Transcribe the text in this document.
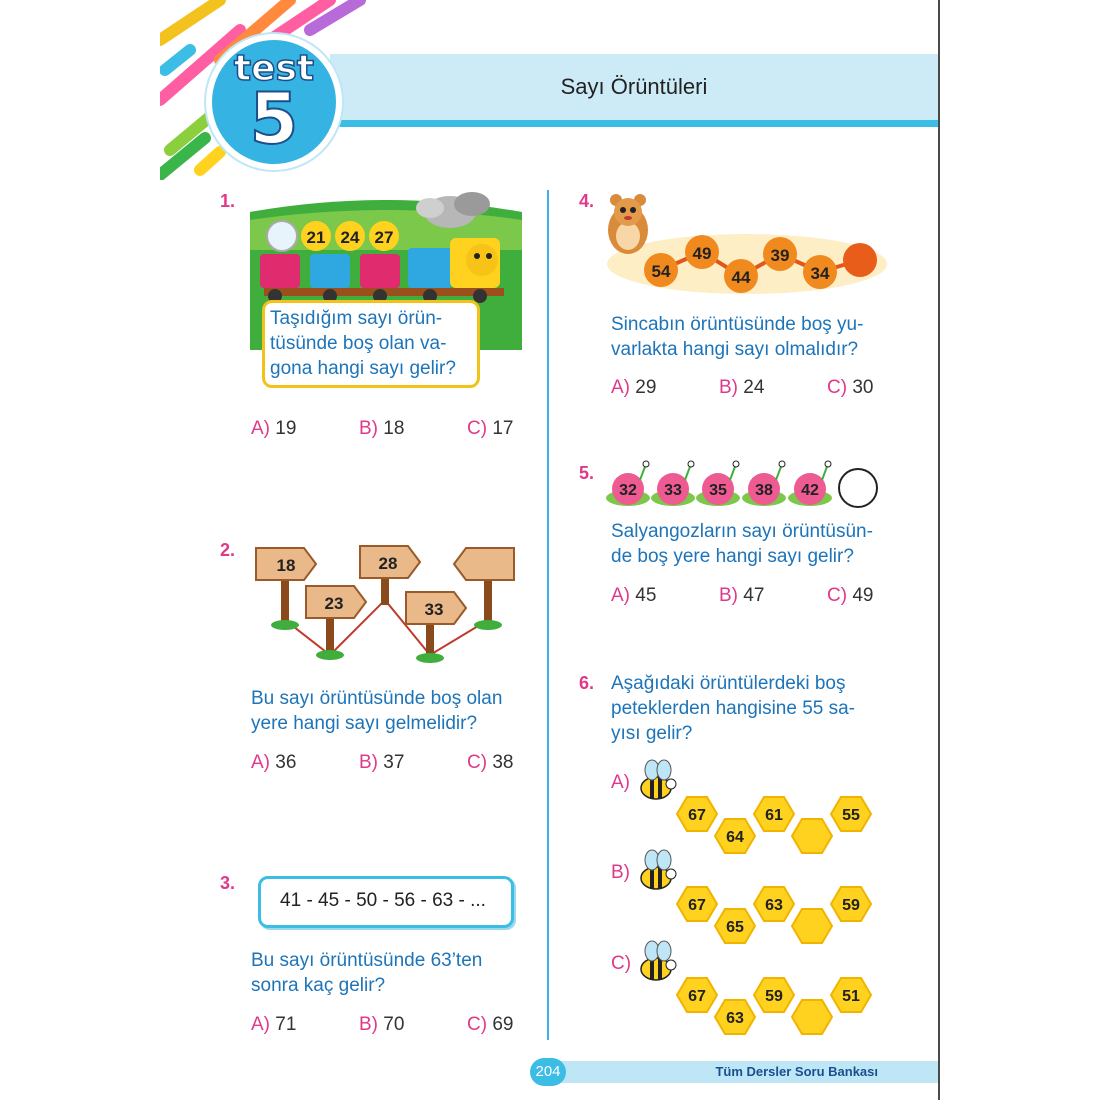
Sayı Örüntüleri
test
5
1.
21 24 27
Taşıdığım sayı örün-
tüsünde boş olan va-
gona hangi sayı gelir?
A) 19	B) 18	C) 17
2.
18
23
28
33
Bu sayı örüntüsünde boş olan
yere hangi sayı gelmelidir?
A) 36	B) 37	C) 38
3.
41 - 45 - 50 - 56 - 63 - ...
Bu sayı örüntüsünde 63’ten
sonra kaç gelir?
A) 71	B) 70	C) 69
4.
54
49
44
39
34
Sincabın örüntüsünde boş yu-
varlakta hangi sayı olmalıdır?
A) 29	B) 24	C) 30
5.
32 33 35 38 42
Salyangozların sayı örüntüsün-
de boş yere hangi sayı gelir?
A) 45	B) 47	C) 49
6. Aşağıdaki örüntülerdeki boş
peteklerden hangisine 55 sa-
yısı gelir?
A)
67
64
61	55
B)
67
65
63	59
C)
67
63
59	51
Tüm Dersler Soru Bankası
204
